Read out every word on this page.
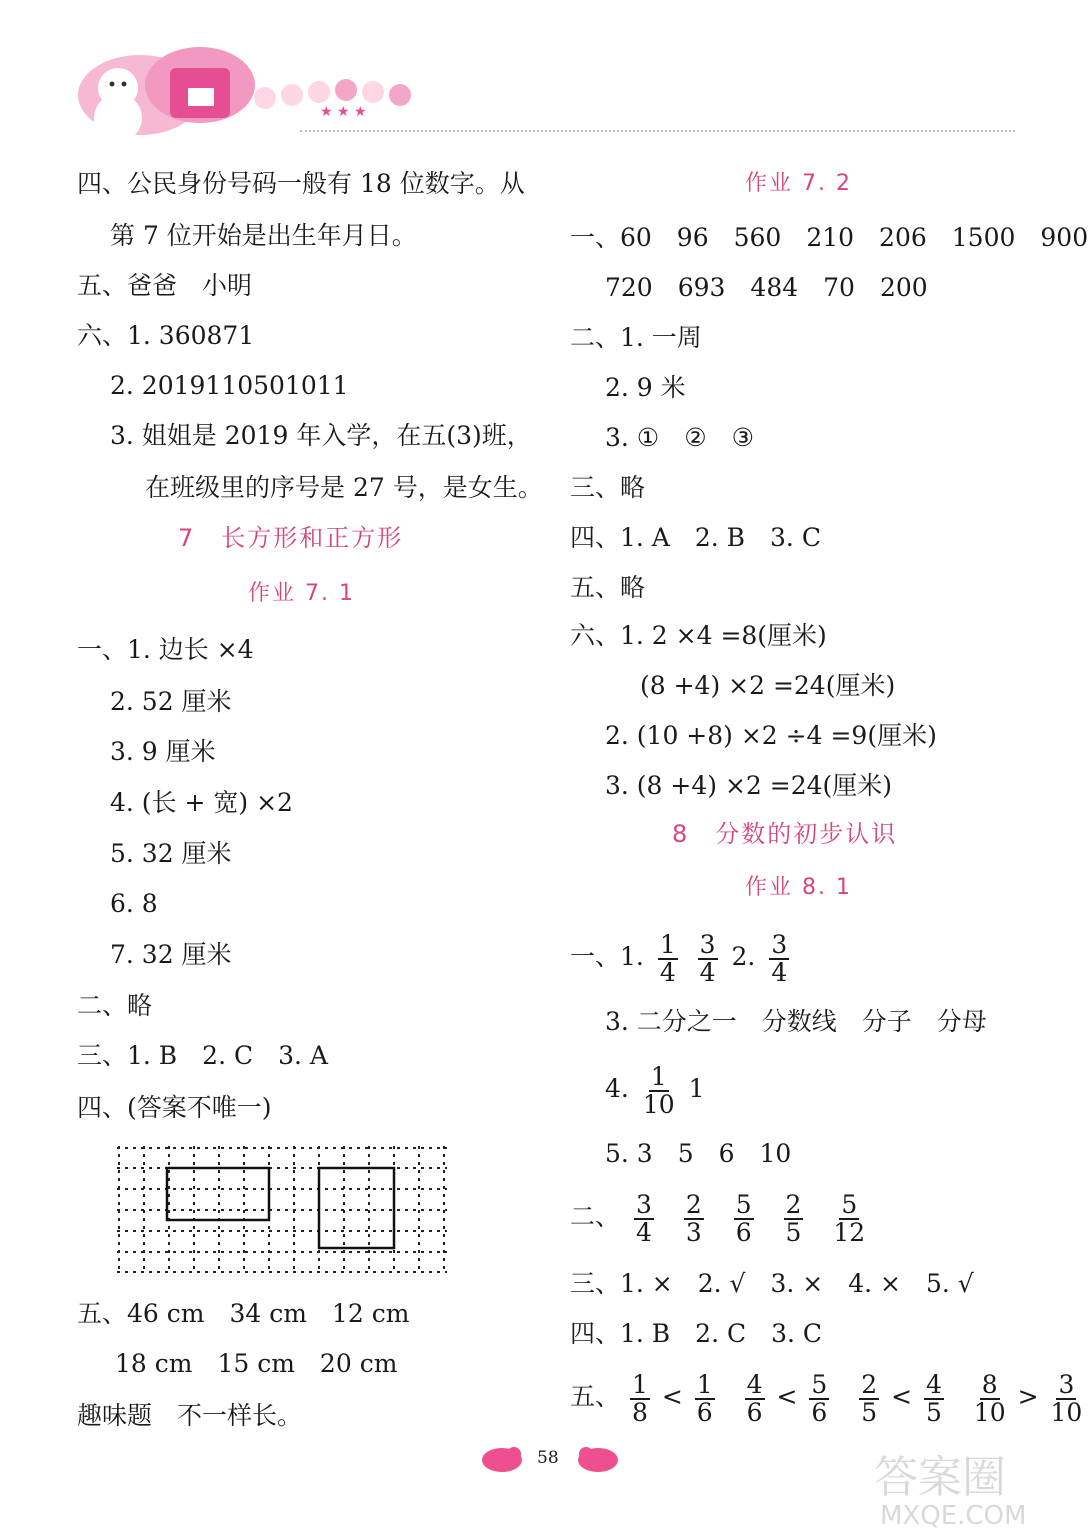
★ ★ ★
四、公民身份号码一般有 18 位数字。从
第 7 位开始是出生年月日。
五、爸爸　小明
六、1. 360871
2. 2019110501011
3. 姐姐是 2019 年入学，在五(3)班，
在班级里的序号是 27 号，是女生。
7　长方形和正方形
作业 7. 1
一、1. 边长 ×4
2. 52 厘米
3. 9 厘米
4. (长 + 宽) ×2
5. 32 厘米
6. 8
7. 32 厘米
二、略
三、1. B　2. C　3. A
四、(答案不唯一)
五、46 cm　34 cm　12 cm
18 cm　15 cm　20 cm
趣味题　不一样长。
作业 7. 2
一、60　96　560　210　206　1500　900
720　693　484　70　200
二、1. 一周
2. 9 米
3. ①　②　③
三、略
四、1. A　2. B　3. C
五、略
六、1. 2 ×4 =8(厘米)
(8 +4) ×2 =24(厘米)
2. (10 +8) ×2 ÷4 =9(厘米)
3. (8 +4) ×2 =24(厘米)
8　分数的初步认识
作业 8. 1
一、1. $\frac{1}{4}$
$\frac{3}{4} 2$. $\frac{3}{4}$
3. 二分之一　分数线　分子　分母
4. $\frac{1}{10} 1$
5. 3　5　6　10
二、 $\frac{3}{4}$
$\frac{2}{3}$
$\frac{5}{6}$
$\frac{2}{5}$
$\frac{5}{12}$
三、1. ×　2. √　3. ×　4. ×　5. √
四、1. B　2. C　3. C
五、 $\frac{1}{8} < \frac{1}{6}$
$\frac{4}{6} < \frac{5}{6}$
$\frac{2}{5} < \frac{4}{5}$
$\frac{8}{10} > \frac{3}{10}$
58	答案圈
MXQE.COM
